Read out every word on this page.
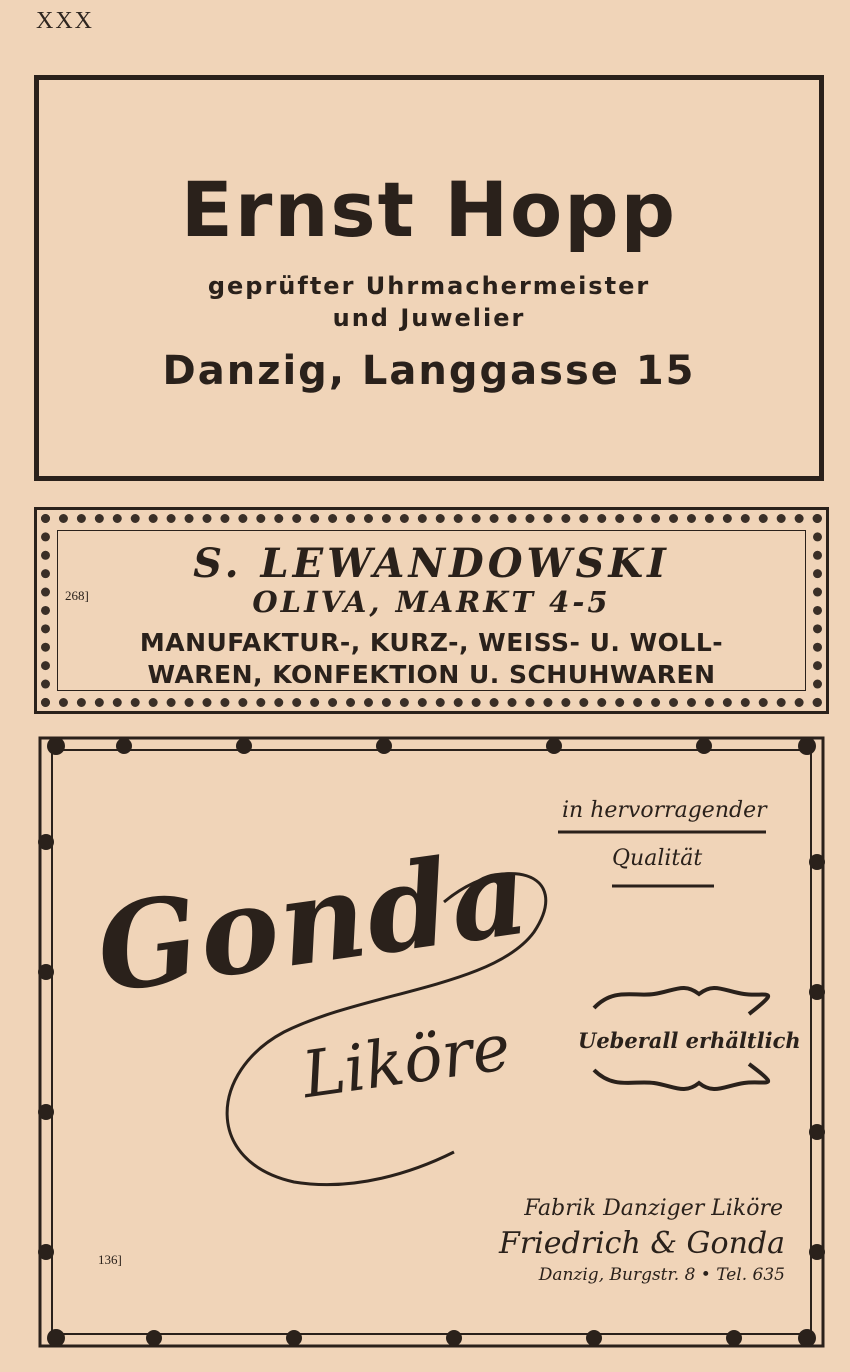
XXX
Ernst Hopp
geprüfter Uhrmachermeister
und Juwelier
Danzig, Langgasse 15
268]
S. LEWANDOWSKI
OLIVA, MARKT 4-5
MANUFAKTUR-, KURZ-, WEISS- U. WOLL-
WAREN, KONFEKTION U. SCHUHWAREN
in hervorragender
Qualität
Gonda
Liköre	Ueberall erhältlich
Fabrik Danziger Liköre
Friedrich & Gonda
Danzig, Burgstr. 8 • Tel. 635
136]
